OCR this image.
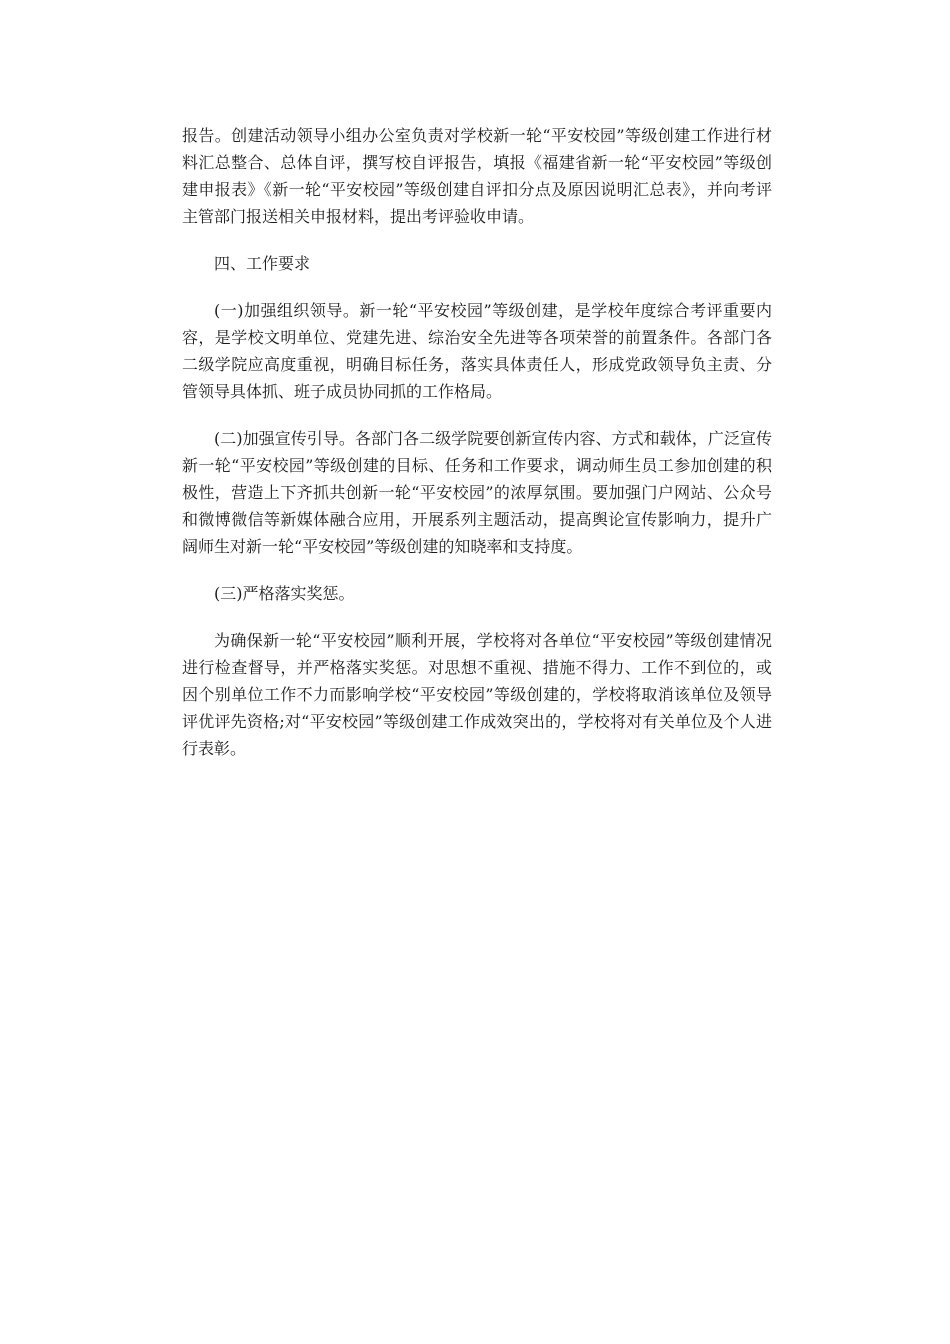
报告。创建活动领导小组办公室负责对学校新一轮“平安校园”等级创建工作进行材料汇总整合、总体自评，撰写校自评报告，填报《福建省新一轮“平安校园”等级创建申报表》《新一轮“平安校园”等级创建自评扣分点及原因说明汇总表》，并向考评主管部门报送相关申报材料，提出考评验收申请。

四、工作要求

(一)加强组织领导。新一轮“平安校园”等级创建，是学校年度综合考评重要内容，是学校文明单位、党建先进、综治安全先进等各项荣誉的前置条件。各部门各二级学院应高度重视，明确目标任务，落实具体责任人，形成党政领导负主责、分管领导具体抓、班子成员协同抓的工作格局。

(二)加强宣传引导。各部门各二级学院要创新宣传内容、方式和载体，广泛宣传新一轮“平安校园”等级创建的目标、任务和工作要求，调动师生员工参加创建的积极性，营造上下齐抓共创新一轮“平安校园”的浓厚氛围。要加强门户网站、公众号和微博微信等新媒体融合应用，开展系列主题活动，提高舆论宣传影响力，提升广阔师生对新一轮“平安校园”等级创建的知晓率和支持度。

(三)严格落实奖惩。

为确保新一轮“平安校园”顺利开展，学校将对各单位“平安校园”等级创建情况进行检查督导，并严格落实奖惩。对思想不重视、措施不得力、工作不到位的，或因个别单位工作不力而影响学校“平安校园”等级创建的，学校将取消该单位及领导评优评先资格;对“平安校园”等级创建工作成效突出的，学校将对有关单位及个人进行表彰。
